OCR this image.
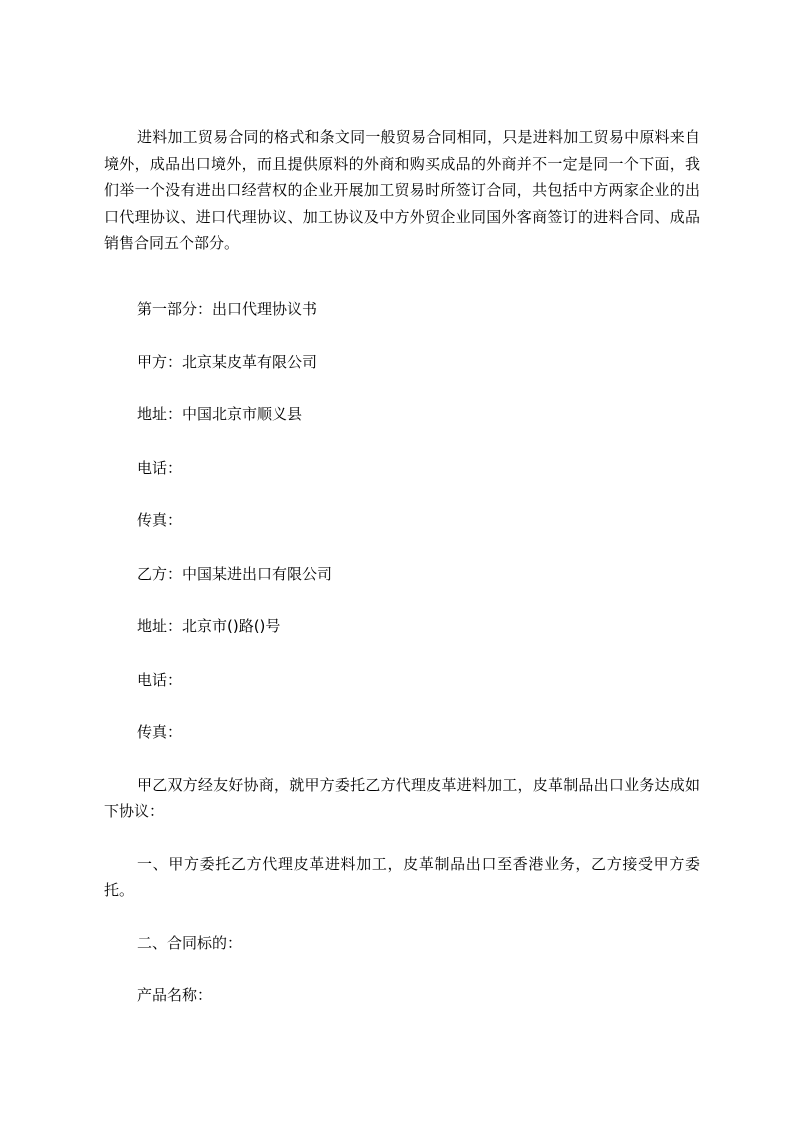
进料加工贸易合同的格式和条文同一般贸易合同相同，只是进料加工贸易中原料来自境外，成品出口境外，而且提供原料的外商和购买成品的外商并不一定是同一个下面，我们举一个没有进出口经营权的企业开展加工贸易时所签订合同，共包括中方两家企业的出口代理协议、进口代理协议、加工协议及中方外贸企业同国外客商签订的进料合同、成品销售合同五个部分。

第一部分：出口代理协议书

甲方：北京某皮革有限公司

地址：中国北京市顺义县

电话：

传真：

乙方：中国某进出口有限公司

地址：北京市()路()号

电话：

传真：

甲乙双方经友好协商，就甲方委托乙方代理皮革进料加工，皮革制品出口业务达成如下协议：

一、甲方委托乙方代理皮革进料加工，皮革制品出口至香港业务，乙方接受甲方委托。

二、合同标的：

产品名称：
